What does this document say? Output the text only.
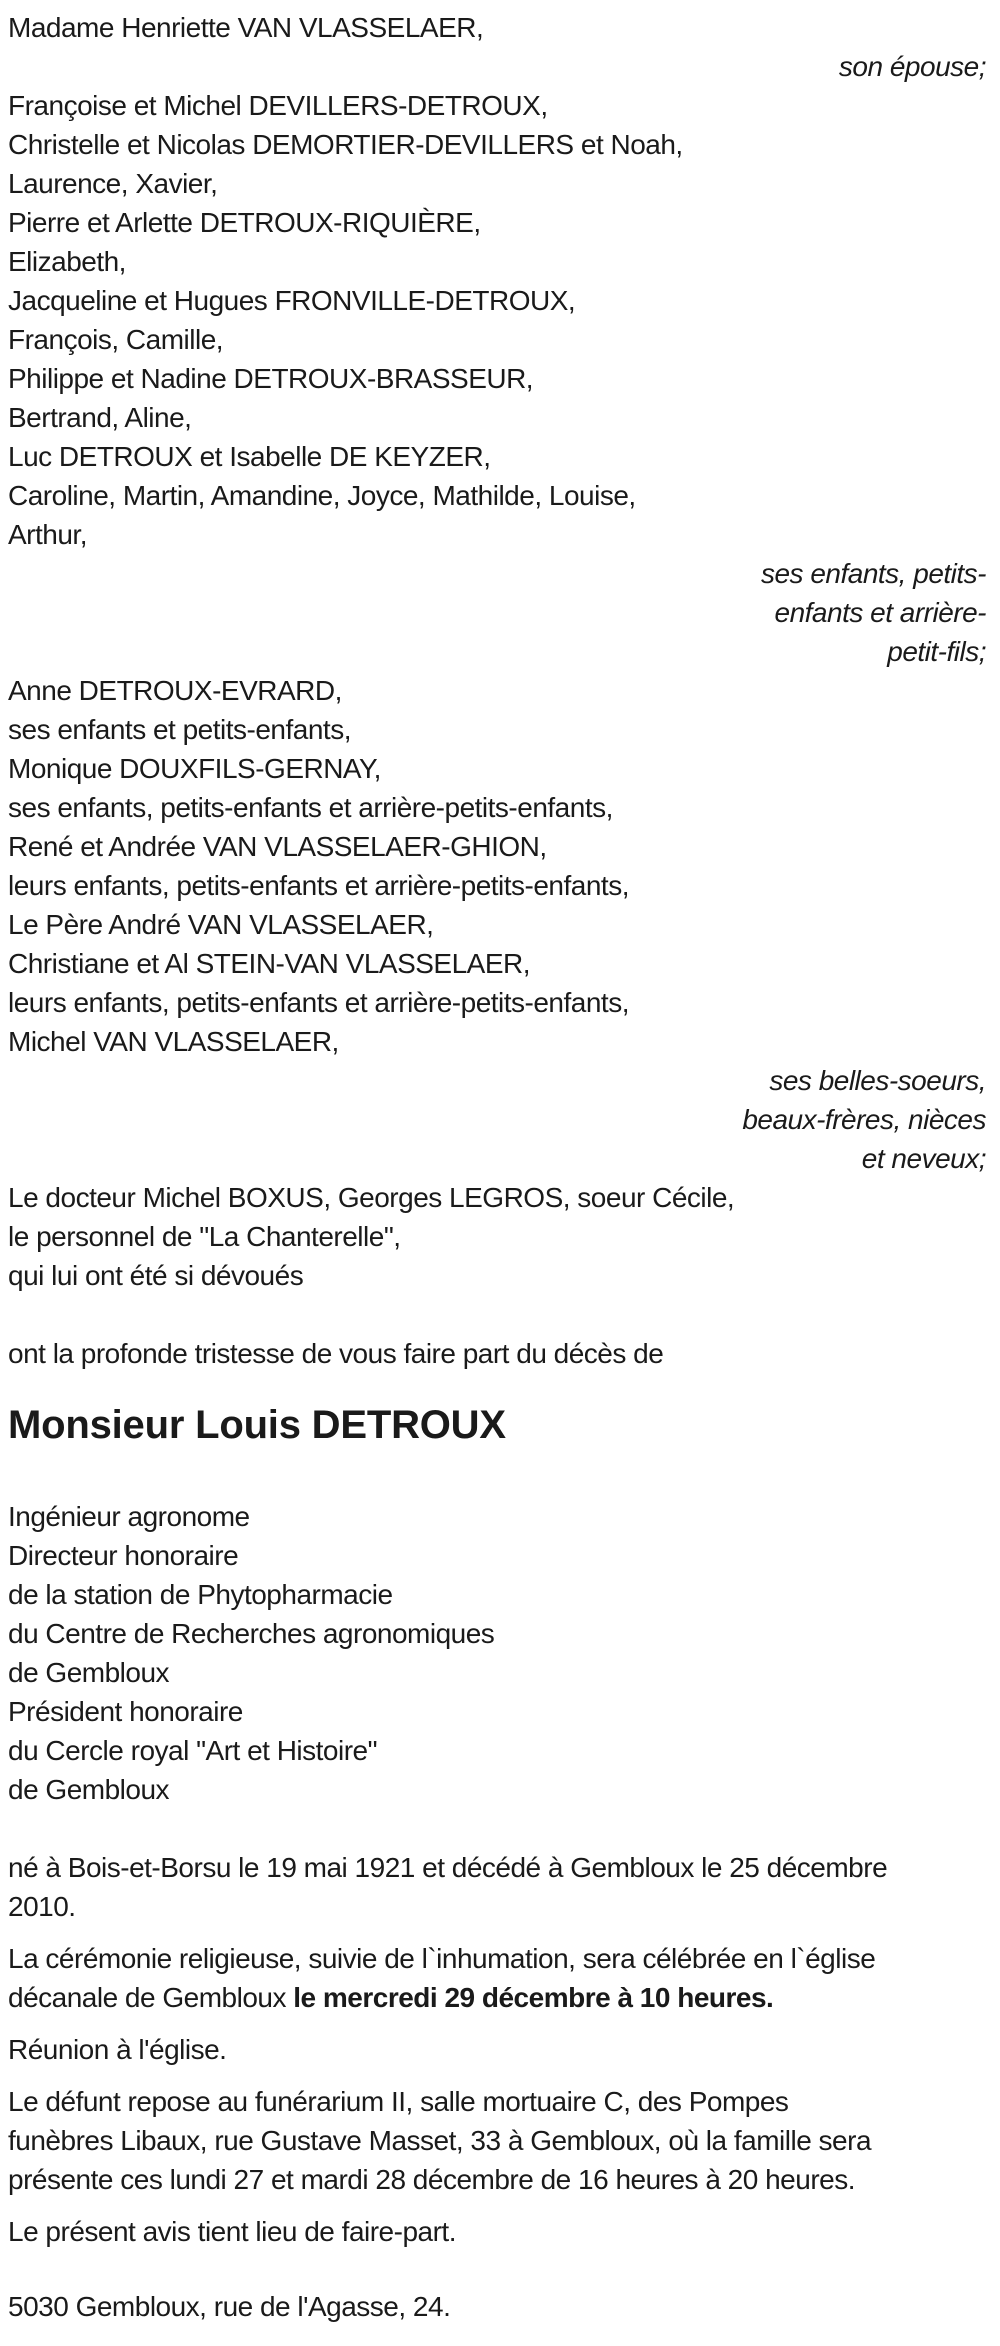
Madame Henriette VAN VLASSELAER,
son épouse;
Françoise et Michel DEVILLERS-DETROUX,
Christelle et Nicolas DEMORTIER-DEVILLERS et Noah,
Laurence, Xavier,
Pierre et Arlette DETROUX-RIQUIÈRE,
Elizabeth,
Jacqueline et Hugues FRONVILLE-DETROUX,
François, Camille,
Philippe et Nadine DETROUX-BRASSEUR,
Bertrand, Aline,
Luc DETROUX et Isabelle DE KEYZER,
Caroline, Martin, Amandine, Joyce, Mathilde, Louise,
Arthur,
ses enfants, petits-
enfants et arrière-
petit-fils;
Anne DETROUX-EVRARD,
ses enfants et petits-enfants,
Monique DOUXFILS-GERNAY,
ses enfants, petits-enfants et arrière-petits-enfants,
René et Andrée VAN VLASSELAER-GHION,
leurs enfants, petits-enfants et arrière-petits-enfants,
Le Père André VAN VLASSELAER,
Christiane et Al STEIN-VAN VLASSELAER,
leurs enfants, petits-enfants et arrière-petits-enfants,
Michel VAN VLASSELAER,
ses belles-soeurs,
beaux-frères, nièces
et neveux;
Le docteur Michel BOXUS, Georges LEGROS, soeur Cécile,
le personnel de "La Chanterelle",
qui lui ont été si dévoués
ont la profonde tristesse de vous faire part du décès de
Monsieur Louis DETROUX
Ingénieur agronome
Directeur honoraire
de la station de Phytopharmacie
du Centre de Recherches agronomiques
de Gembloux
Président honoraire
du Cercle royal "Art et Histoire"
de Gembloux
né à Bois-et-Borsu le 19 mai 1921 et décédé à Gembloux le 25 décembre
2010.
La cérémonie religieuse, suivie de l`inhumation, sera célébrée en l`église
décanale de Gembloux le mercredi 29 décembre à 10 heures.
Réunion à l'église.
Le défunt repose au funérarium II, salle mortuaire C, des Pompes
funèbres Libaux, rue Gustave Masset, 33 à Gembloux, où la famille sera
présente ces lundi 27 et mardi 28 décembre de 16 heures à 20 heures.
Le présent avis tient lieu de faire-part.
5030 Gembloux, rue de l'Agasse, 24.
